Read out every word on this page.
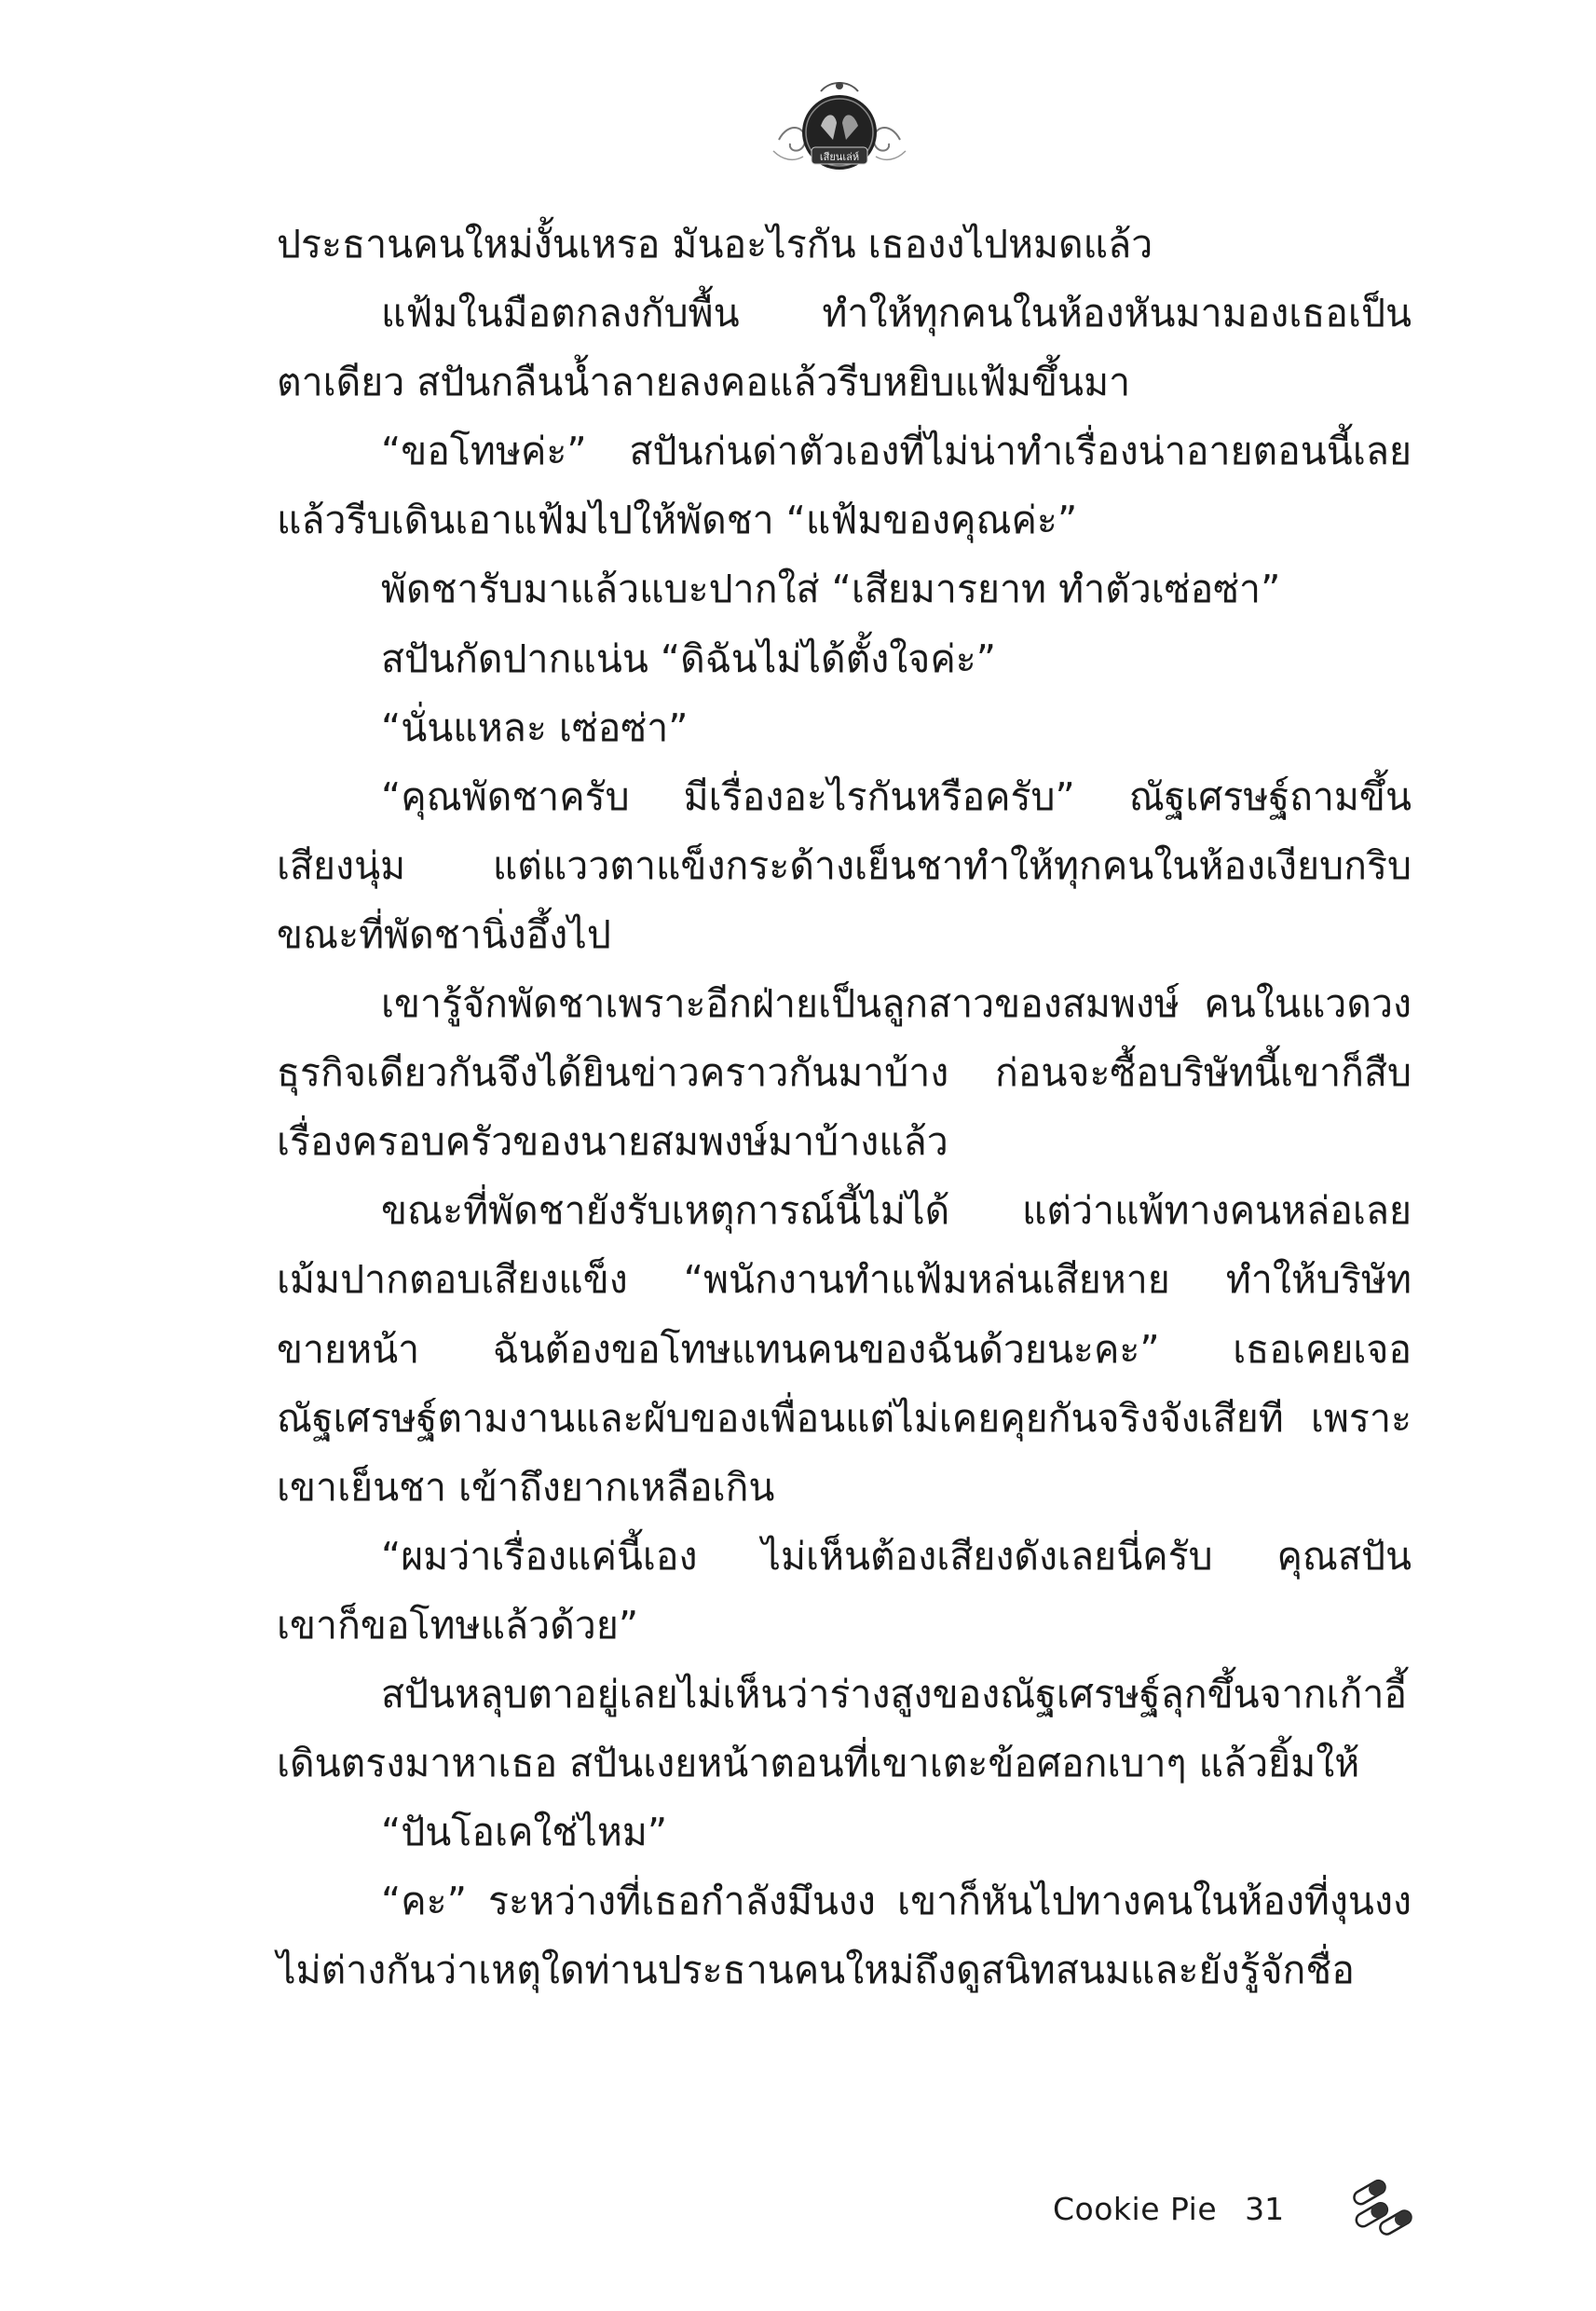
เสียนเล่ห์
ประธานคนใหม่งั้นเหรอ มันอะไรกัน เธองงไปหมดแล้ว
แฟ้มในมือตกลงกับพื้น ทำให้ทุกคนในห้องหันมามองเธอเป็น
ตาเดียว สปันกลืนน้ำลายลงคอแล้วรีบหยิบแฟ้มขึ้นมา
“ขอโทษค่ะ” สปันก่นด่าตัวเองที่ไม่น่าทำเรื่องน่าอายตอนนี้เลย
แล้วรีบเดินเอาแฟ้มไปให้พัดชา “แฟ้มของคุณค่ะ”
พัดชารับมาแล้วแบะปากใส่ “เสียมารยาท ทำตัวเซ่อซ่า”
สปันกัดปากแน่น “ดิฉันไม่ได้ตั้งใจค่ะ”
“นั่นแหละ เซ่อซ่า”
“คุณพัดชาครับ มีเรื่องอะไรกันหรือครับ” ณัฐเศรษฐ์ถามขึ้น
เสียงนุ่ม แต่แววตาแข็งกระด้างเย็นชาทำให้ทุกคนในห้องเงียบกริบ
ขณะที่พัดชานิ่งอึ้งไป
เขารู้จักพัดชาเพราะอีกฝ่ายเป็นลูกสาวของสมพงษ์ คนในแวดวง
ธุรกิจเดียวกันจึงได้ยินข่าวคราวกันมาบ้าง ก่อนจะซื้อบริษัทนี้เขาก็สืบ
เรื่องครอบครัวของนายสมพงษ์มาบ้างแล้ว
ขณะที่พัดชายังรับเหตุการณ์นี้ไม่ได้ แต่ว่าแพ้ทางคนหล่อเลย
เม้มปากตอบเสียงแข็ง “พนักงานทำแฟ้มหล่นเสียหาย ทำให้บริษัท
ขายหน้า ฉันต้องขอโทษแทนคนของฉันด้วยนะคะ” เธอเคยเจอ
ณัฐเศรษฐ์ตามงานและผับของเพื่อนแต่ไม่เคยคุยกันจริงจังเสียที เพราะ
เขาเย็นชา เข้าถึงยากเหลือเกิน
“ผมว่าเรื่องแค่นี้เอง ไม่เห็นต้องเสียงดังเลยนี่ครับ คุณสปัน
เขาก็ขอโทษแล้วด้วย”
สปันหลุบตาอยู่เลยไม่เห็นว่าร่างสูงของณัฐเศรษฐ์ลุกขึ้นจากเก้าอี้
เดินตรงมาหาเธอ สปันเงยหน้าตอนที่เขาเตะข้อศอกเบาๆ แล้วยิ้มให้
“ปันโอเคใช่ไหม”
“คะ” ระหว่างที่เธอกำลังมึนงง เขาก็หันไปทางคนในห้องที่งุนงง
ไม่ต่างกันว่าเหตุใดท่านประธานคนใหม่ถึงดูสนิทสนมและยังรู้จักชื่อ
Cookie Pie 31
